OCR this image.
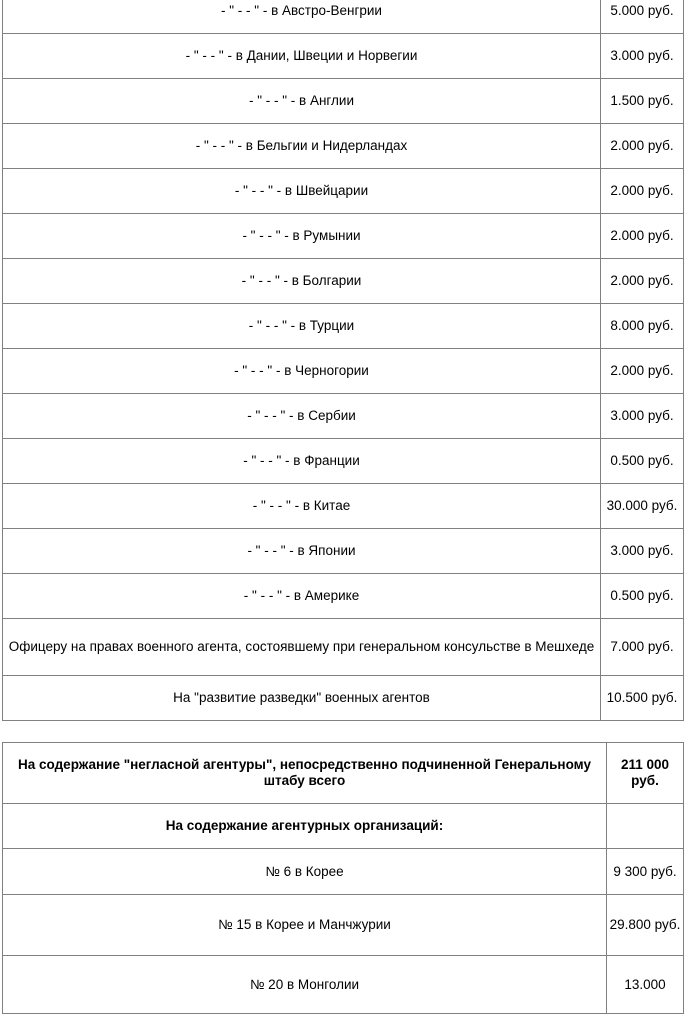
- " - - " - в Австро-Венгрии	5.000 руб.
- " - - " - в Дании, Швеции и Норвегии	3.000 руб.
- " - - " - в Англии	1.500 руб.
- " - - " - в Бельгии и Нидерландах	2.000 руб.
- " - - " - в Швейцарии	2.000 руб.
- " - - " - в Румынии	2.000 руб.
- " - - " - в Болгарии	2.000 руб.
- " - - " - в Турции	8.000 руб.
- " - - " - в Черногории	2.000 руб.
- " - - " - в Сербии	3.000 руб.
- " - - " - в Франции	0.500 руб.
- " - - " - в Китае	30.000 руб.
- " - - " - в Японии	3.000 руб.
- " - - " - в Америке	0.500 руб.
Офицеру на правах военного агента, состоявшему при генеральном консульстве в Мешхеде	7.000 руб.
На "развитие разведки" военных агентов	10.500 руб.
На содержание "негласной агентуры", непосредственно подчиненной Генеральному штабу всего	211 000 руб.
На содержание агентурных организаций:	
№ 6 в Корее	9 300 руб.
№ 15 в Корее и Манчжурии	29.800 руб.
№ 20 в Монголии	13.000
